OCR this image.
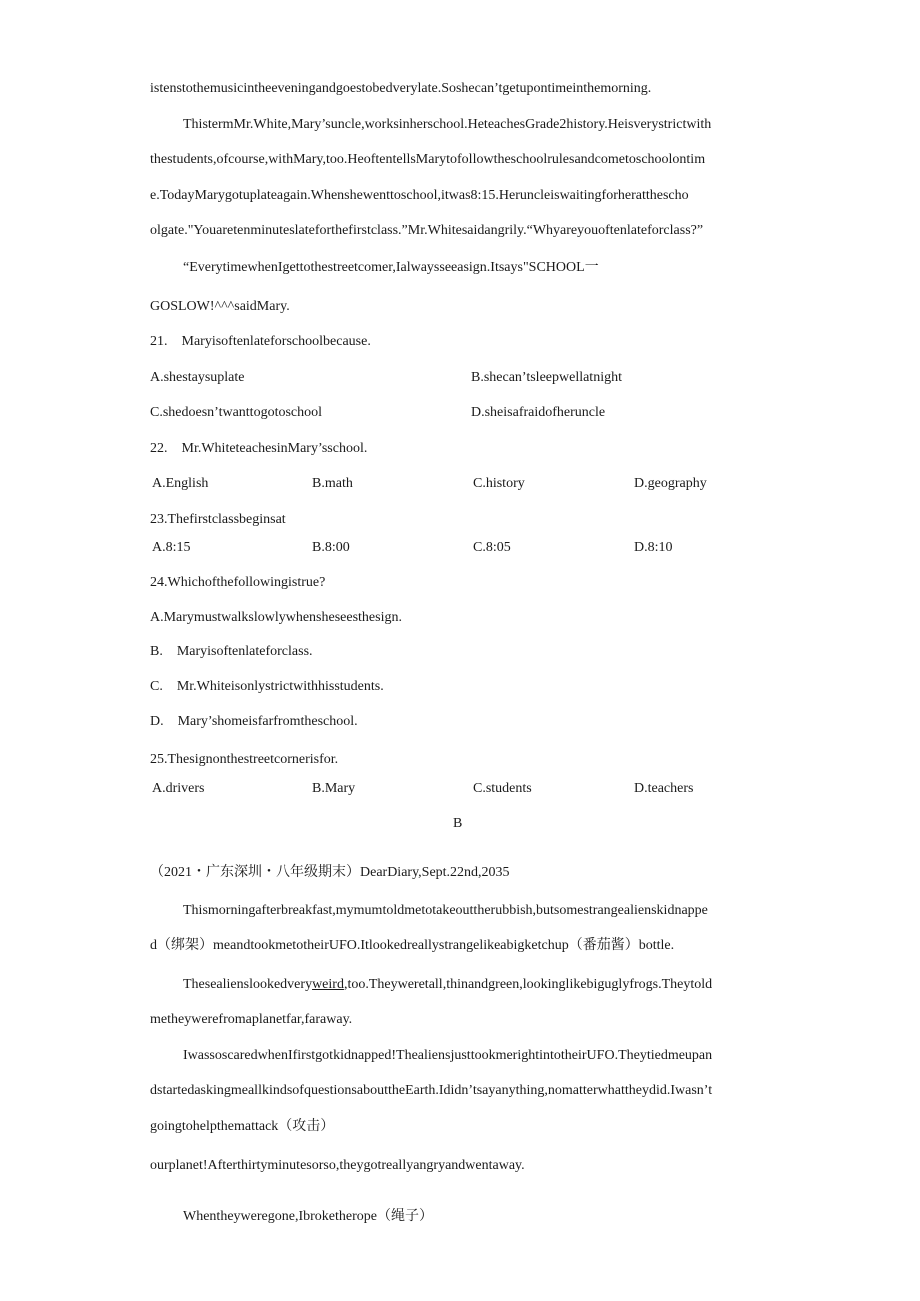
istenstothemusicintheeveningandgoestobedverylate.Soshecan’tgetupontimeinthemorning.
ThistermMr.White,Mary’suncle,worksinherschool.HeteachesGrade2history.Heisverystrictwith
thestudents,ofcourse,withMary,too.HeoftentellsMarytofollowtheschoolrulesandcometoschoolontim
e.TodayMarygotuplateagain.Whenshewenttoschool,itwas8:15.Heruncleiswaitingforherattheschо
olgate."Youaretenminuteslateforthefirstclass.”Mr.Whitesaidangrily.“Whyareyouoftenlateforclass?”
“EverytimewhenIgettothestreetcomer,Ialwaysseeasign.Itsays"SCHOOL一
GOSLOW!^^^saidMary.
21. Maryisoftenlateforschoolbecause.
A.shestaysuplate	B.shecan’tsleepwellatnight
C.shedoesn’twanttogotoschool	D.sheisafraidofheruncle
22. Mr.WhiteteachesinMary’sschool.
A.English	B.math	C.history	D.geography
23.Thefirstclassbeginsat
A.8:15	B.8:00	C.8:05	D.8:10
24.Whichofthefollowingistrue?
A.Marymustwalkslowlywhensheseesthesign.
B. Maryisoftenlateforclass.
C. Mr.Whiteisonlystrictwithhisstudents.
D. Mary’shomeisfarfromtheschool.
25.Thesignonthestreetcornerisfor.
A.drivers	B.Mary	C.students	D.teachers
B
（2021・广东深圳・八年级期末）DearDiary,Sept.22nd,2035
Thismorningafterbreakfast,mymumtoldmetotakeouttherubbish,butsomestrangealienskidnappe
d（绑架）meandtookmetotheirUFO.Itlookedreallystrangelikeabigketchup（番茄酱）bottle.
Thesealienslookedveryweird,too.Theyweretall,thinandgreen,lookinglikebiguglyfrogs.Theytold
metheywerefromaplanetfar,faraway.
IwassoscaredwhenIfirstgotkidnapped!ThealiensjusttookmerightintotheirUFO.Theytiedmeupan
dstartedaskingmeallkindsofquestionsabouttheEarth.Ididn’tsayanything,nomatterwhattheydid.Iwasn’t
goingtohelpthemattack（攻击）
ourplanet!Afterthirtyminutesorso,theygotreallyangryandwentaway.
Whentheyweregone,Ibroketherope（绳子）
